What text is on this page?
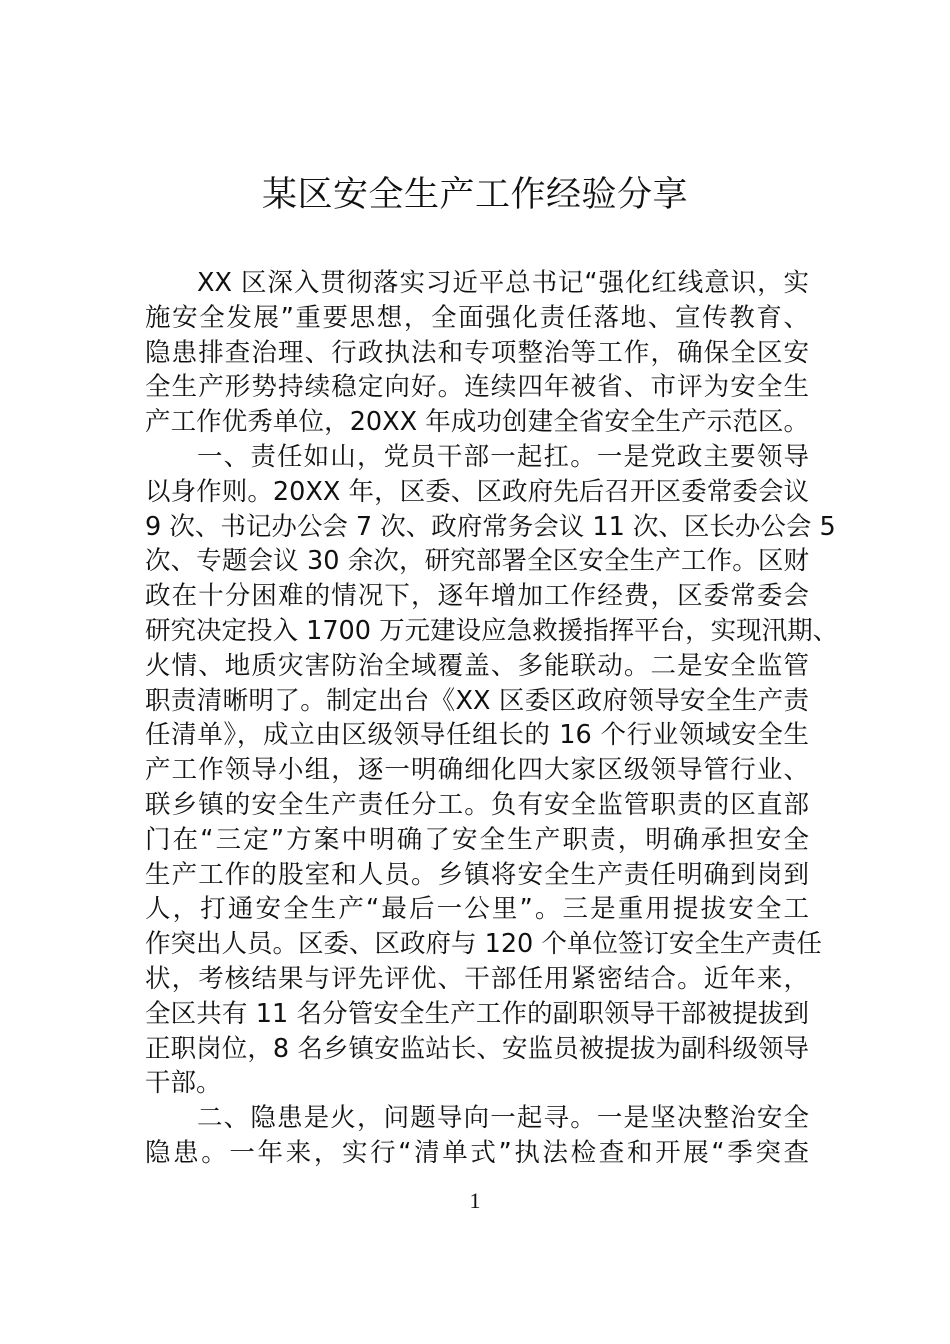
某区安全生产工作经验分享
XX 区深入贯彻落实习近平总书记“强化红线意识，实
施安全发展”重要思想，全面强化责任落地、宣传教育、
隐患排查治理、行政执法和专项整治等工作，确保全区安
全生产形势持续稳定向好。连续四年被省、市评为安全生
产工作优秀单位，20XX 年成功创建全省安全生产示范区。
一、责任如山，党员干部一起扛。一是党政主要领导
以身作则。20XX 年，区委、区政府先后召开区委常委会议
9 次、书记办公会 7 次、政府常务会议 11 次、区长办公会 5
次、专题会议 30 余次，研究部署全区安全生产工作。区财
政在十分困难的情况下，逐年增加工作经费，区委常委会
研究决定投入 1700 万元建设应急救援指挥平台，实现汛期、
火情、地质灾害防治全域覆盖、多能联动。二是安全监管
职责清晰明了。制定出台《XX 区委区政府领导安全生产责
任清单》，成立由区级领导任组长的 16 个行业领域安全生
产工作领导小组，逐一明确细化四大家区级领导管行业、
联乡镇的安全生产责任分工。负有安全监管职责的区直部
门在“三定”方案中明确了安全生产职责，明确承担安全
生产工作的股室和人员。乡镇将安全生产责任明确到岗到
人，打通安全生产“最后一公里”。三是重用提拔安全工
作突出人员。区委、区政府与 120 个单位签订安全生产责任
状，考核结果与评先评优、干部任用紧密结合。近年来，
全区共有 11 名分管安全生产工作的副职领导干部被提拔到
正职岗位，8 名乡镇安监站长、安监员被提拔为副科级领导
干部。
二、隐患是火，问题导向一起寻。一是坚决整治安全
隐患。一年来，实行“清单式”执法检查和开展“季突查
1
